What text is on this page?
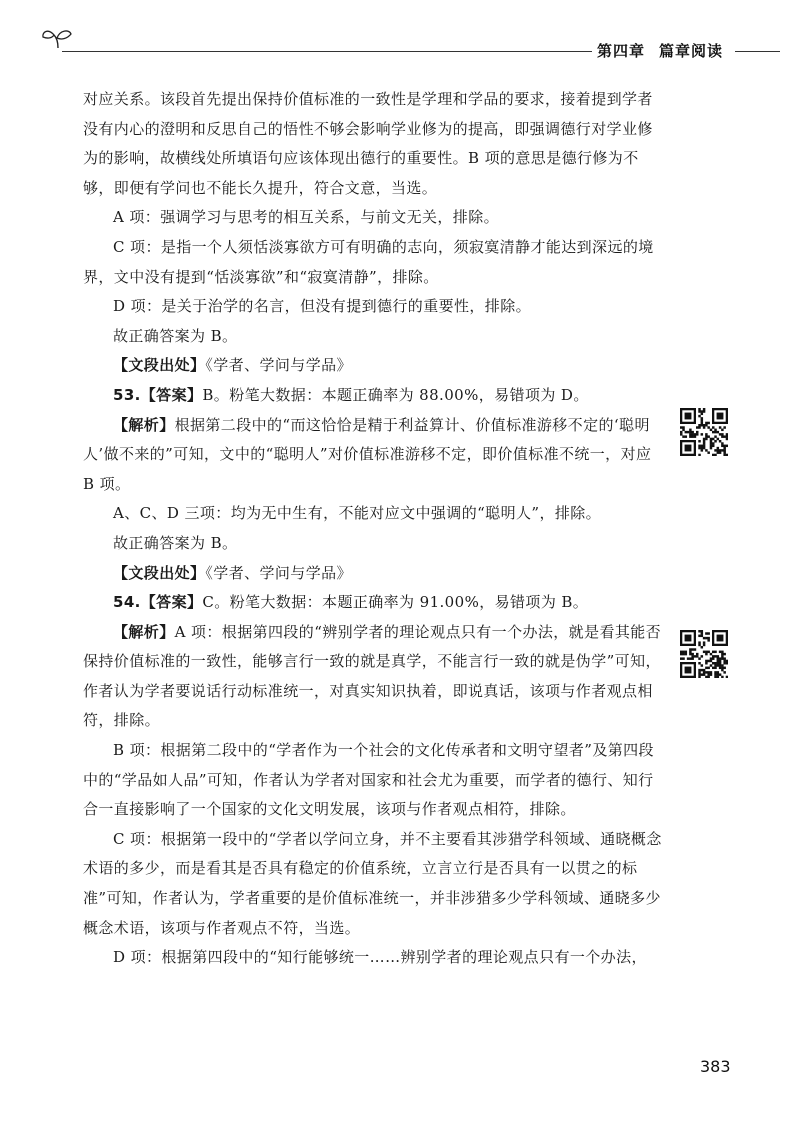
第四章 篇章阅读

对应关系。该段首先提出保持价值标准的一致性是学理和学品的要求，接着提到学者没有内心的澄明和反思自己的悟性不够会影响学业修为的提高，即强调德行对学业修为的影响，故横线处所填语句应该体现出德行的重要性。B 项的意思是德行修为不够，即便有学问也不能长久提升，符合文意，当选。

A 项：强调学习与思考的相互关系，与前文无关，排除。

C 项：是指一个人须恬淡寡欲方可有明确的志向，须寂寞清静才能达到深远的境界，文中没有提到“恬淡寡欲”和“寂寞清静”，排除。

D 项：是关于治学的名言，但没有提到德行的重要性，排除。

故正确答案为 B。

【文段出处】《学者、学问与学品》

53.【答案】B。粉笔大数据：本题正确率为 88.00%，易错项为 D。

【解析】根据第二段中的“而这恰恰是精于利益算计、价值标准游移不定的‘聪明人’做不来的”可知，文中的“聪明人”对价值标准游移不定，即价值标准不统一，对应 B 项。

A、C、D 三项：均为无中生有，不能对应文中强调的“聪明人”，排除。

故正确答案为 B。

【文段出处】《学者、学问与学品》

54.【答案】C。粉笔大数据：本题正确率为 91.00%，易错项为 B。

【解析】A 项：根据第四段的“辨别学者的理论观点只有一个办法，就是看其能否保持价值标准的一致性，能够言行一致的就是真学，不能言行一致的就是伪学”可知，作者认为学者要说话行动标准统一，对真实知识执着，即说真话，该项与作者观点相符，排除。

B 项：根据第二段中的“学者作为一个社会的文化传承者和文明守望者”及第四段中的“学品如人品”可知，作者认为学者对国家和社会尤为重要，而学者的德行、知行合一直接影响了一个国家的文化文明发展，该项与作者观点相符，排除。

C 项：根据第一段中的“学者以学问立身，并不主要看其涉猎学科领域、通晓概念术语的多少，而是看其是否具有稳定的价值系统，立言立行是否具有一以贯之的标准”可知，作者认为，学者重要的是价值标准统一，并非涉猎多少学科领域、通晓多少概念术语，该项与作者观点不符，当选。

D 项：根据第四段中的“知行能够统一……辨别学者的理论观点只有一个办法，

383
